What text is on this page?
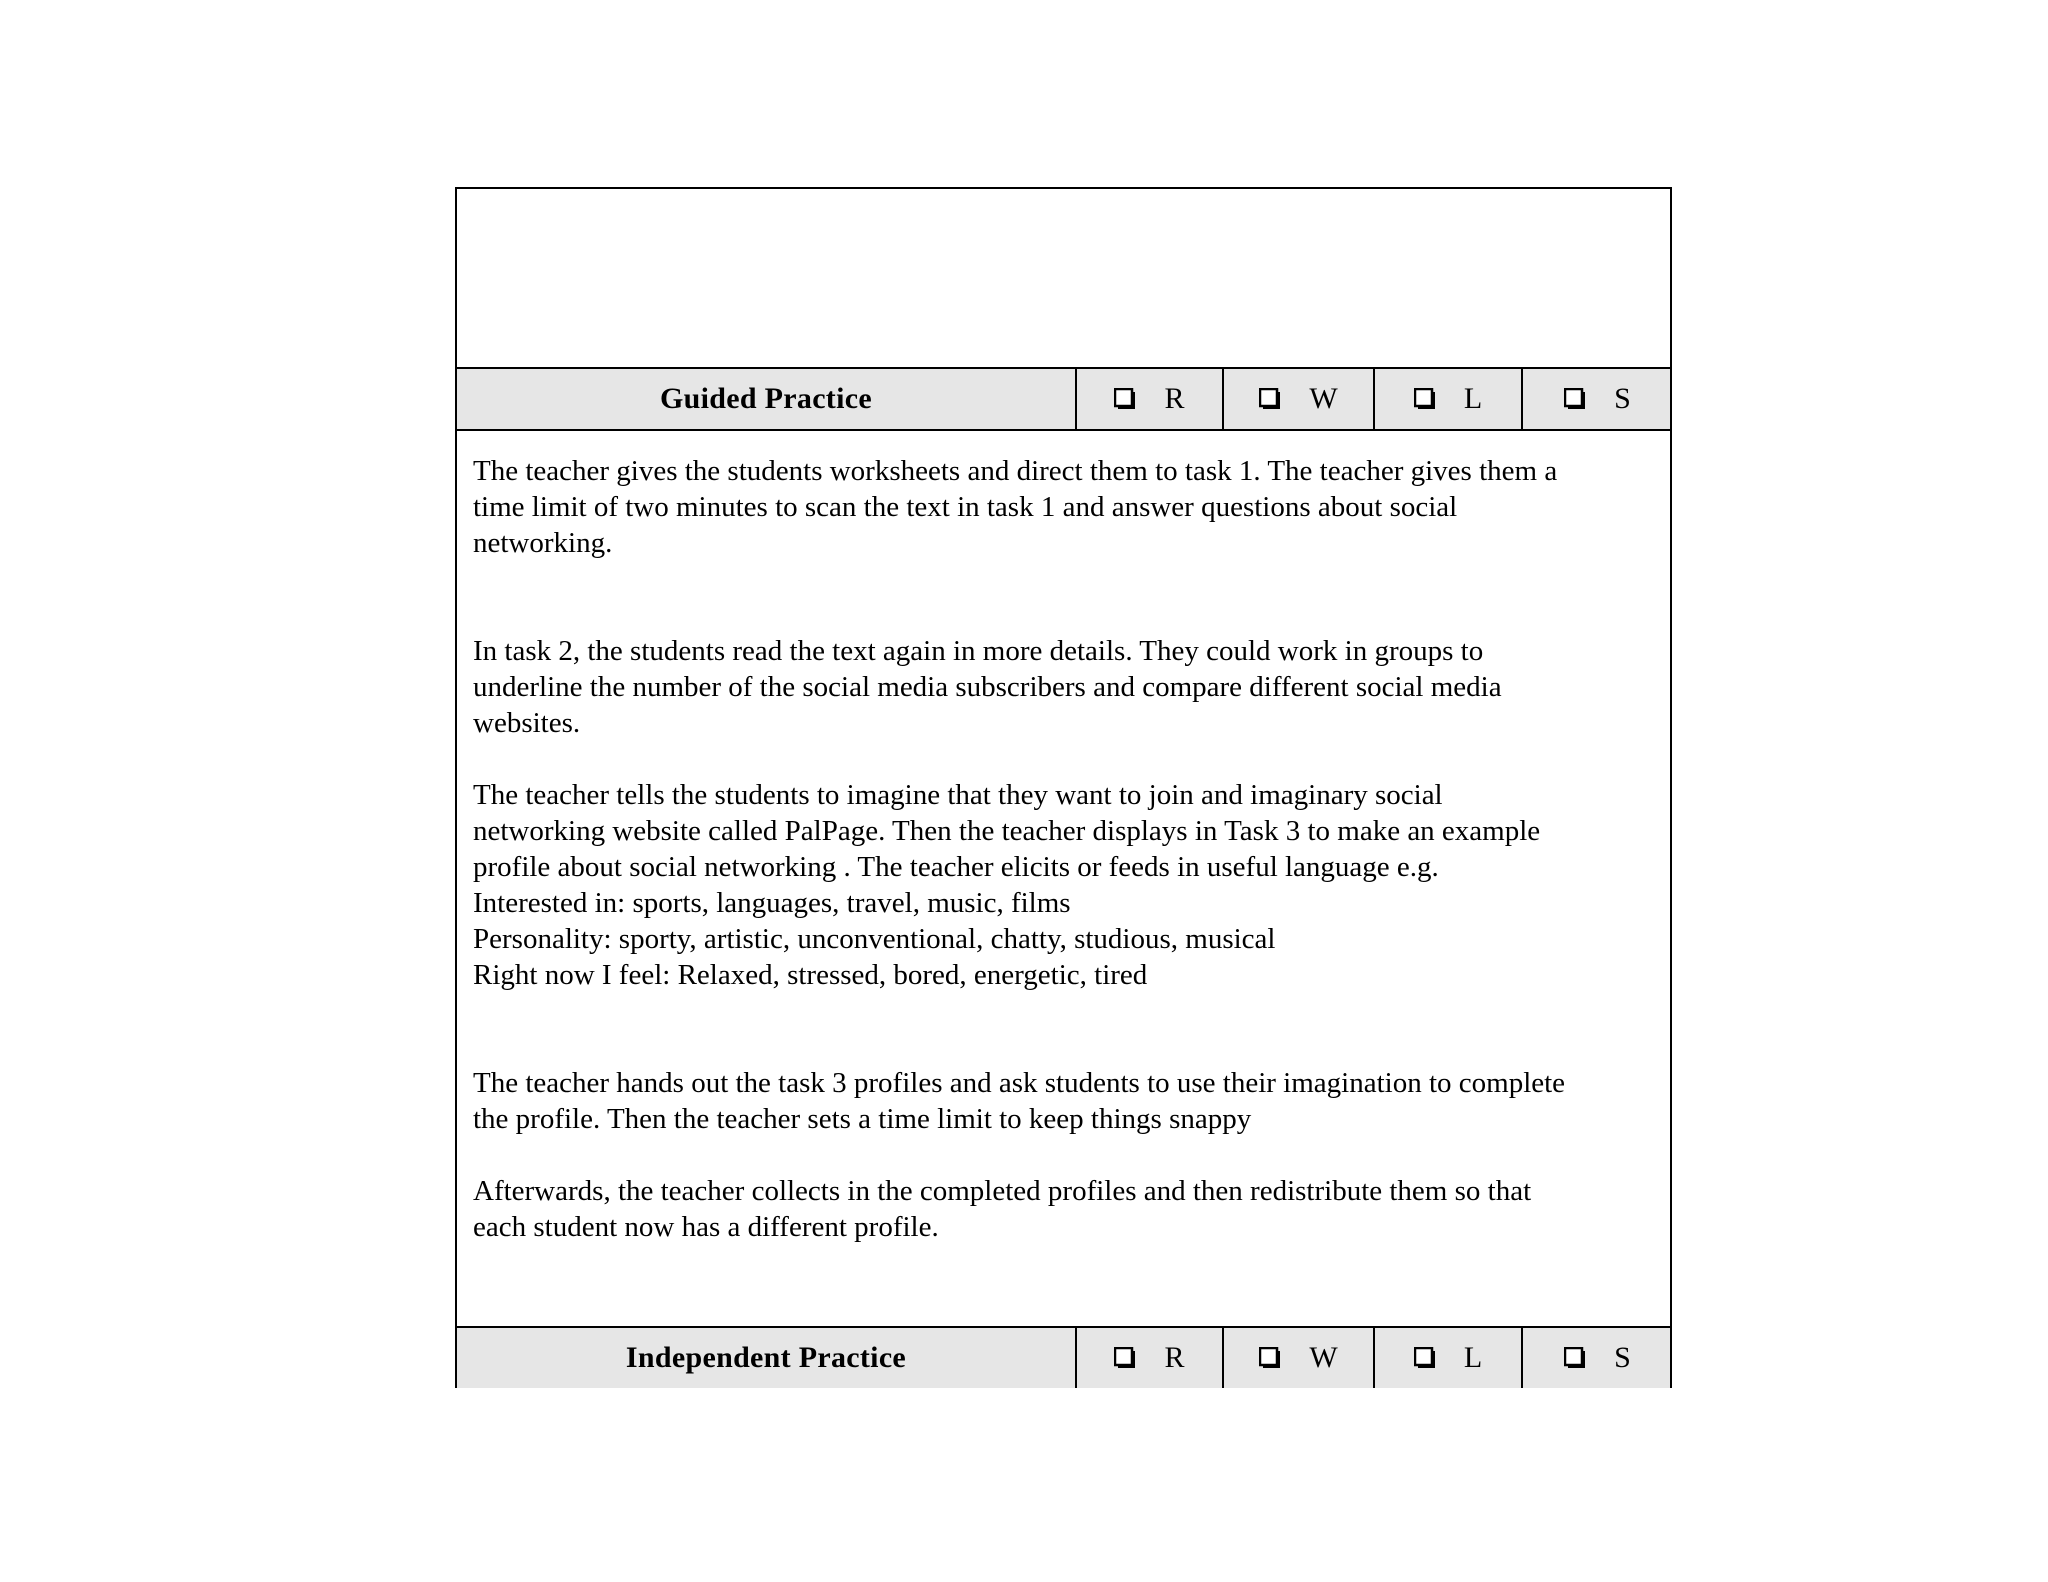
Guided Practice	R	W	L	S

The teacher gives the students worksheets and direct them to task 1. The teacher gives them a
time limit of two minutes to scan the text in task 1 and answer questions about social
networking.

In task 2, the students read the text again in more details. They could work in groups to
underline the number of the social media subscribers and compare different social media
websites.

The teacher tells the students to imagine that they want to join and imaginary social
networking website called PalPage. Then the teacher displays in Task 3 to make an example
profile about social networking . The teacher elicits or feeds in useful language e.g.
Interested in: sports, languages, travel, music, films
Personality: sporty, artistic, unconventional, chatty, studious, musical
Right now I feel: Relaxed, stressed, bored, energetic, tired

The teacher hands out the task 3 profiles and ask students to use their imagination to complete
the profile. Then the teacher sets a time limit to keep things snappy

Afterwards, the teacher collects in the completed profiles and then redistribute them so that
each student now has a different profile.

Independent Practice	R	W	L	S
